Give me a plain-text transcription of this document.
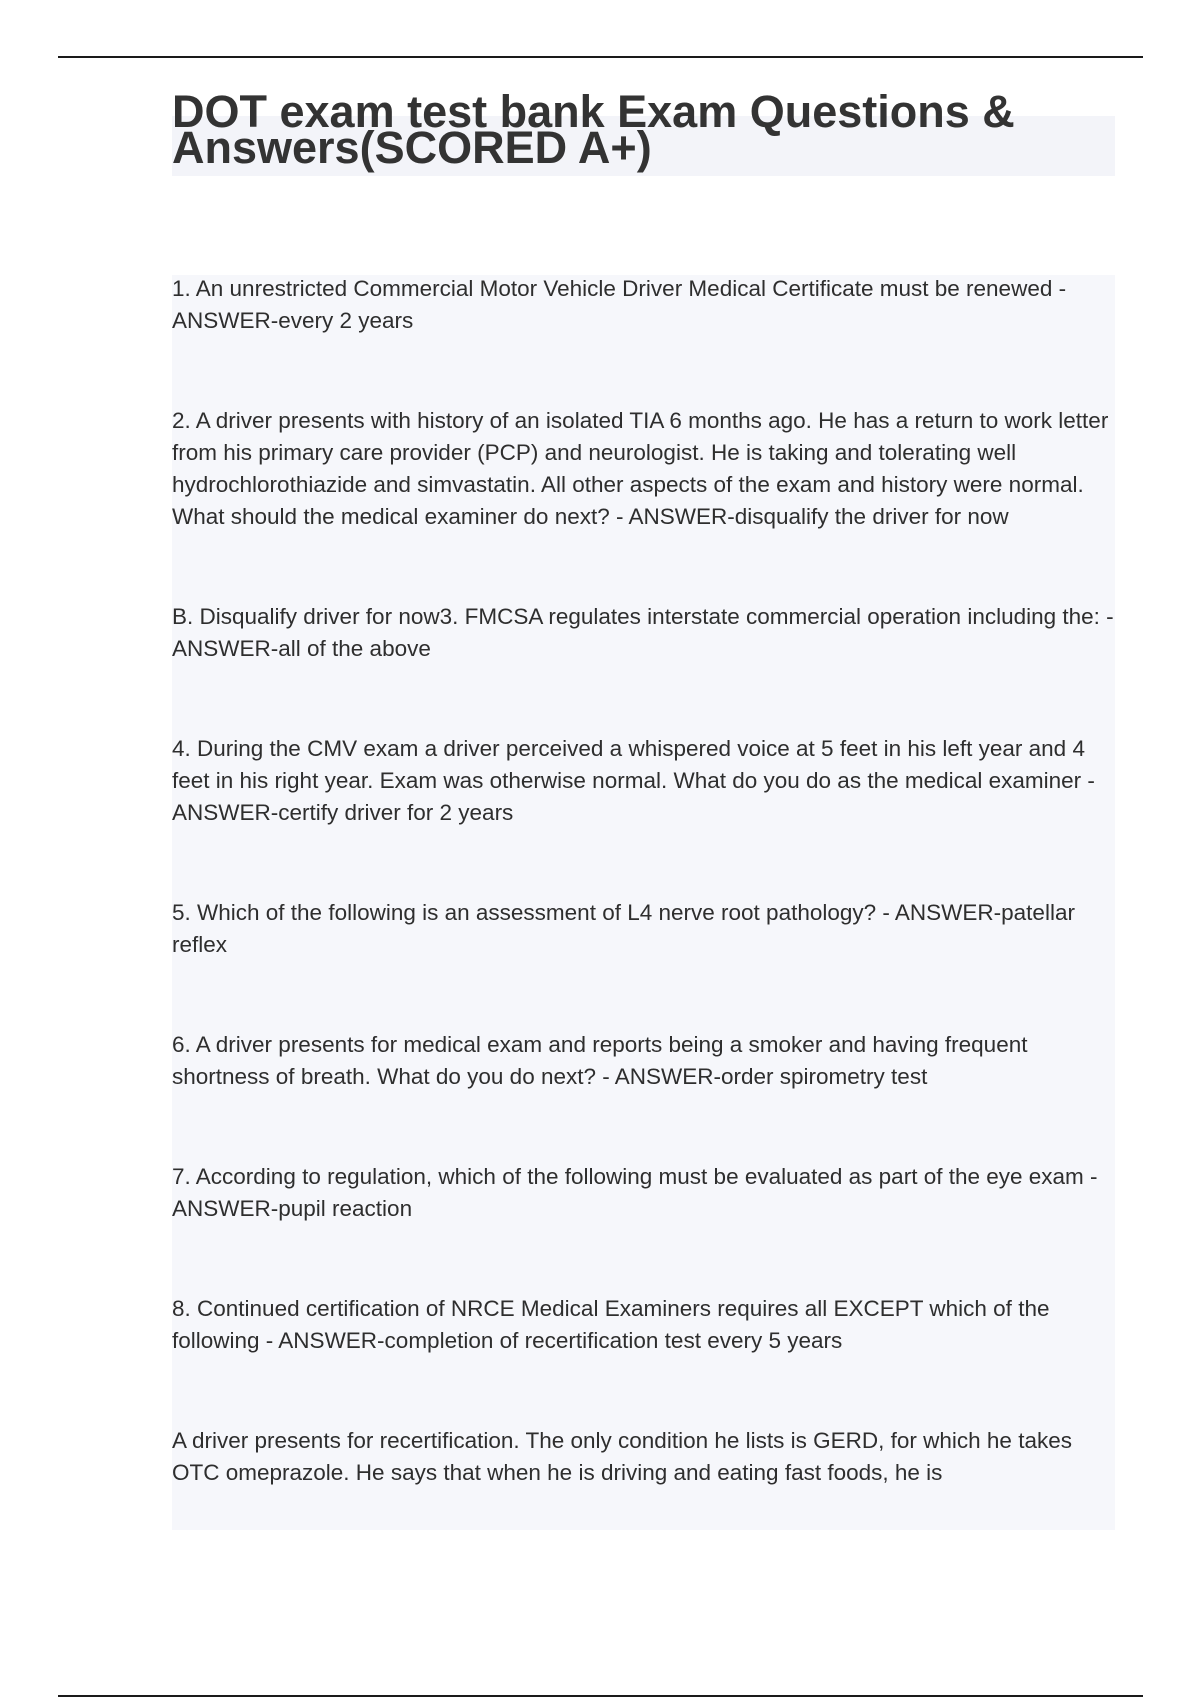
DOT exam test bank Exam Questions & Answers(SCORED A+)
1. An unrestricted Commercial Motor Vehicle Driver Medical Certificate must be renewed - ANSWER-every 2 years
2. A driver presents with history of an isolated TIA 6 months ago. He has a return to work letter from his primary care provider (PCP) and neurologist. He is taking and tolerating well hydrochlorothiazide and simvastatin. All other aspects of the exam and history were normal. What should the medical examiner do next? - ANSWER-disqualify the driver for now
B. Disqualify driver for now3. FMCSA regulates interstate commercial operation including the: - ANSWER-all of the above
4. During the CMV exam a driver perceived a whispered voice at 5 feet in his left year and 4 feet in his right year. Exam was otherwise normal. What do you do as the medical examiner - ANSWER-certify driver for 2 years
5. Which of the following is an assessment of L4 nerve root pathology? - ANSWER-patellar reflex
6. A driver presents for medical exam and reports being a smoker and having frequent shortness of breath. What do you do next? - ANSWER-order spirometry test
7. According to regulation, which of the following must be evaluated as part of the eye exam - ANSWER-pupil reaction
8. Continued certification of NRCE Medical Examiners requires all EXCEPT which of the following - ANSWER-completion of recertification test every 5 years
A driver presents for recertification. The only condition he lists is GERD, for which he takes OTC omeprazole. He says that when he is driving and eating fast foods, he is
